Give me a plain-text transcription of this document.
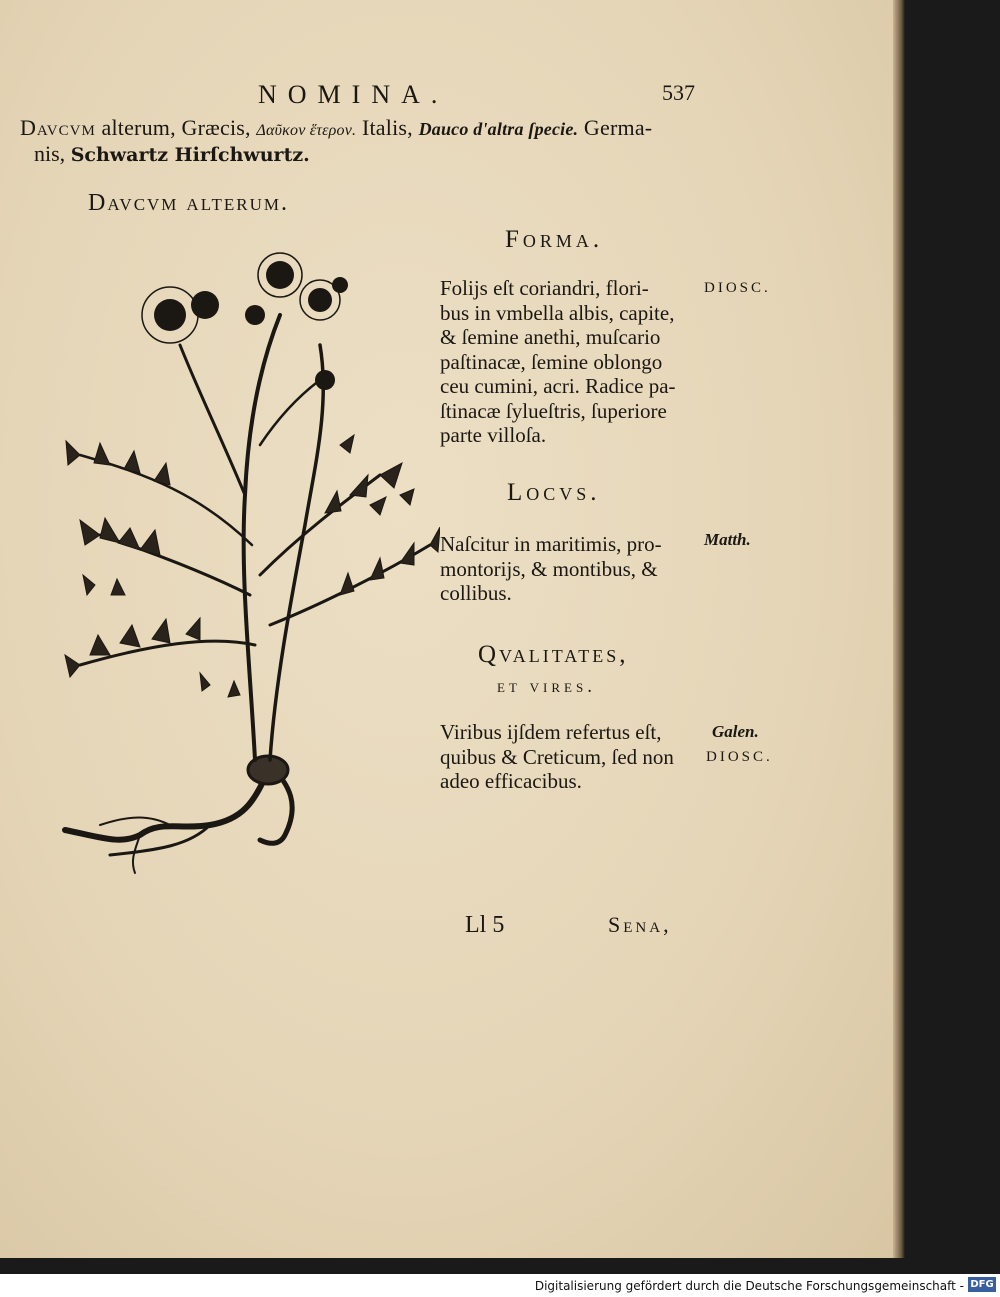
NOMINA.	537
Davcvm alterum, Græcis, Δαῦκον ἕτερον. Italis, Dauco d'altra ſpecie. Germa-
nis, Schwartz Hirſchwurtz.
Davcvm alterum.
Forma.

Folijs eſt coriandri, flori-

bus in vmbella albis, capite,

& ſemine anethi, muſcario

paſtinacæ, ſemine oblongo

ceu cumini, acri. Radice pa-

ſtinacæ ſylueſtris, ſuperiore

parte villoſa.

DIOSC.
Locvs.

Naſcitur in maritimis, pro-

montorijs, & montibus, &

collibus.

Matth.
Qvalitates,
et vires.

Viribus ijſdem refertus eſt,

quibus & Creticum, ſed non

adeo efficacibus.

Galen.
DIOSC.
Ll 5	Sena,
Digitalisierung gefördert durch die Deutsche Forschungsgemeinschaft - DFG
